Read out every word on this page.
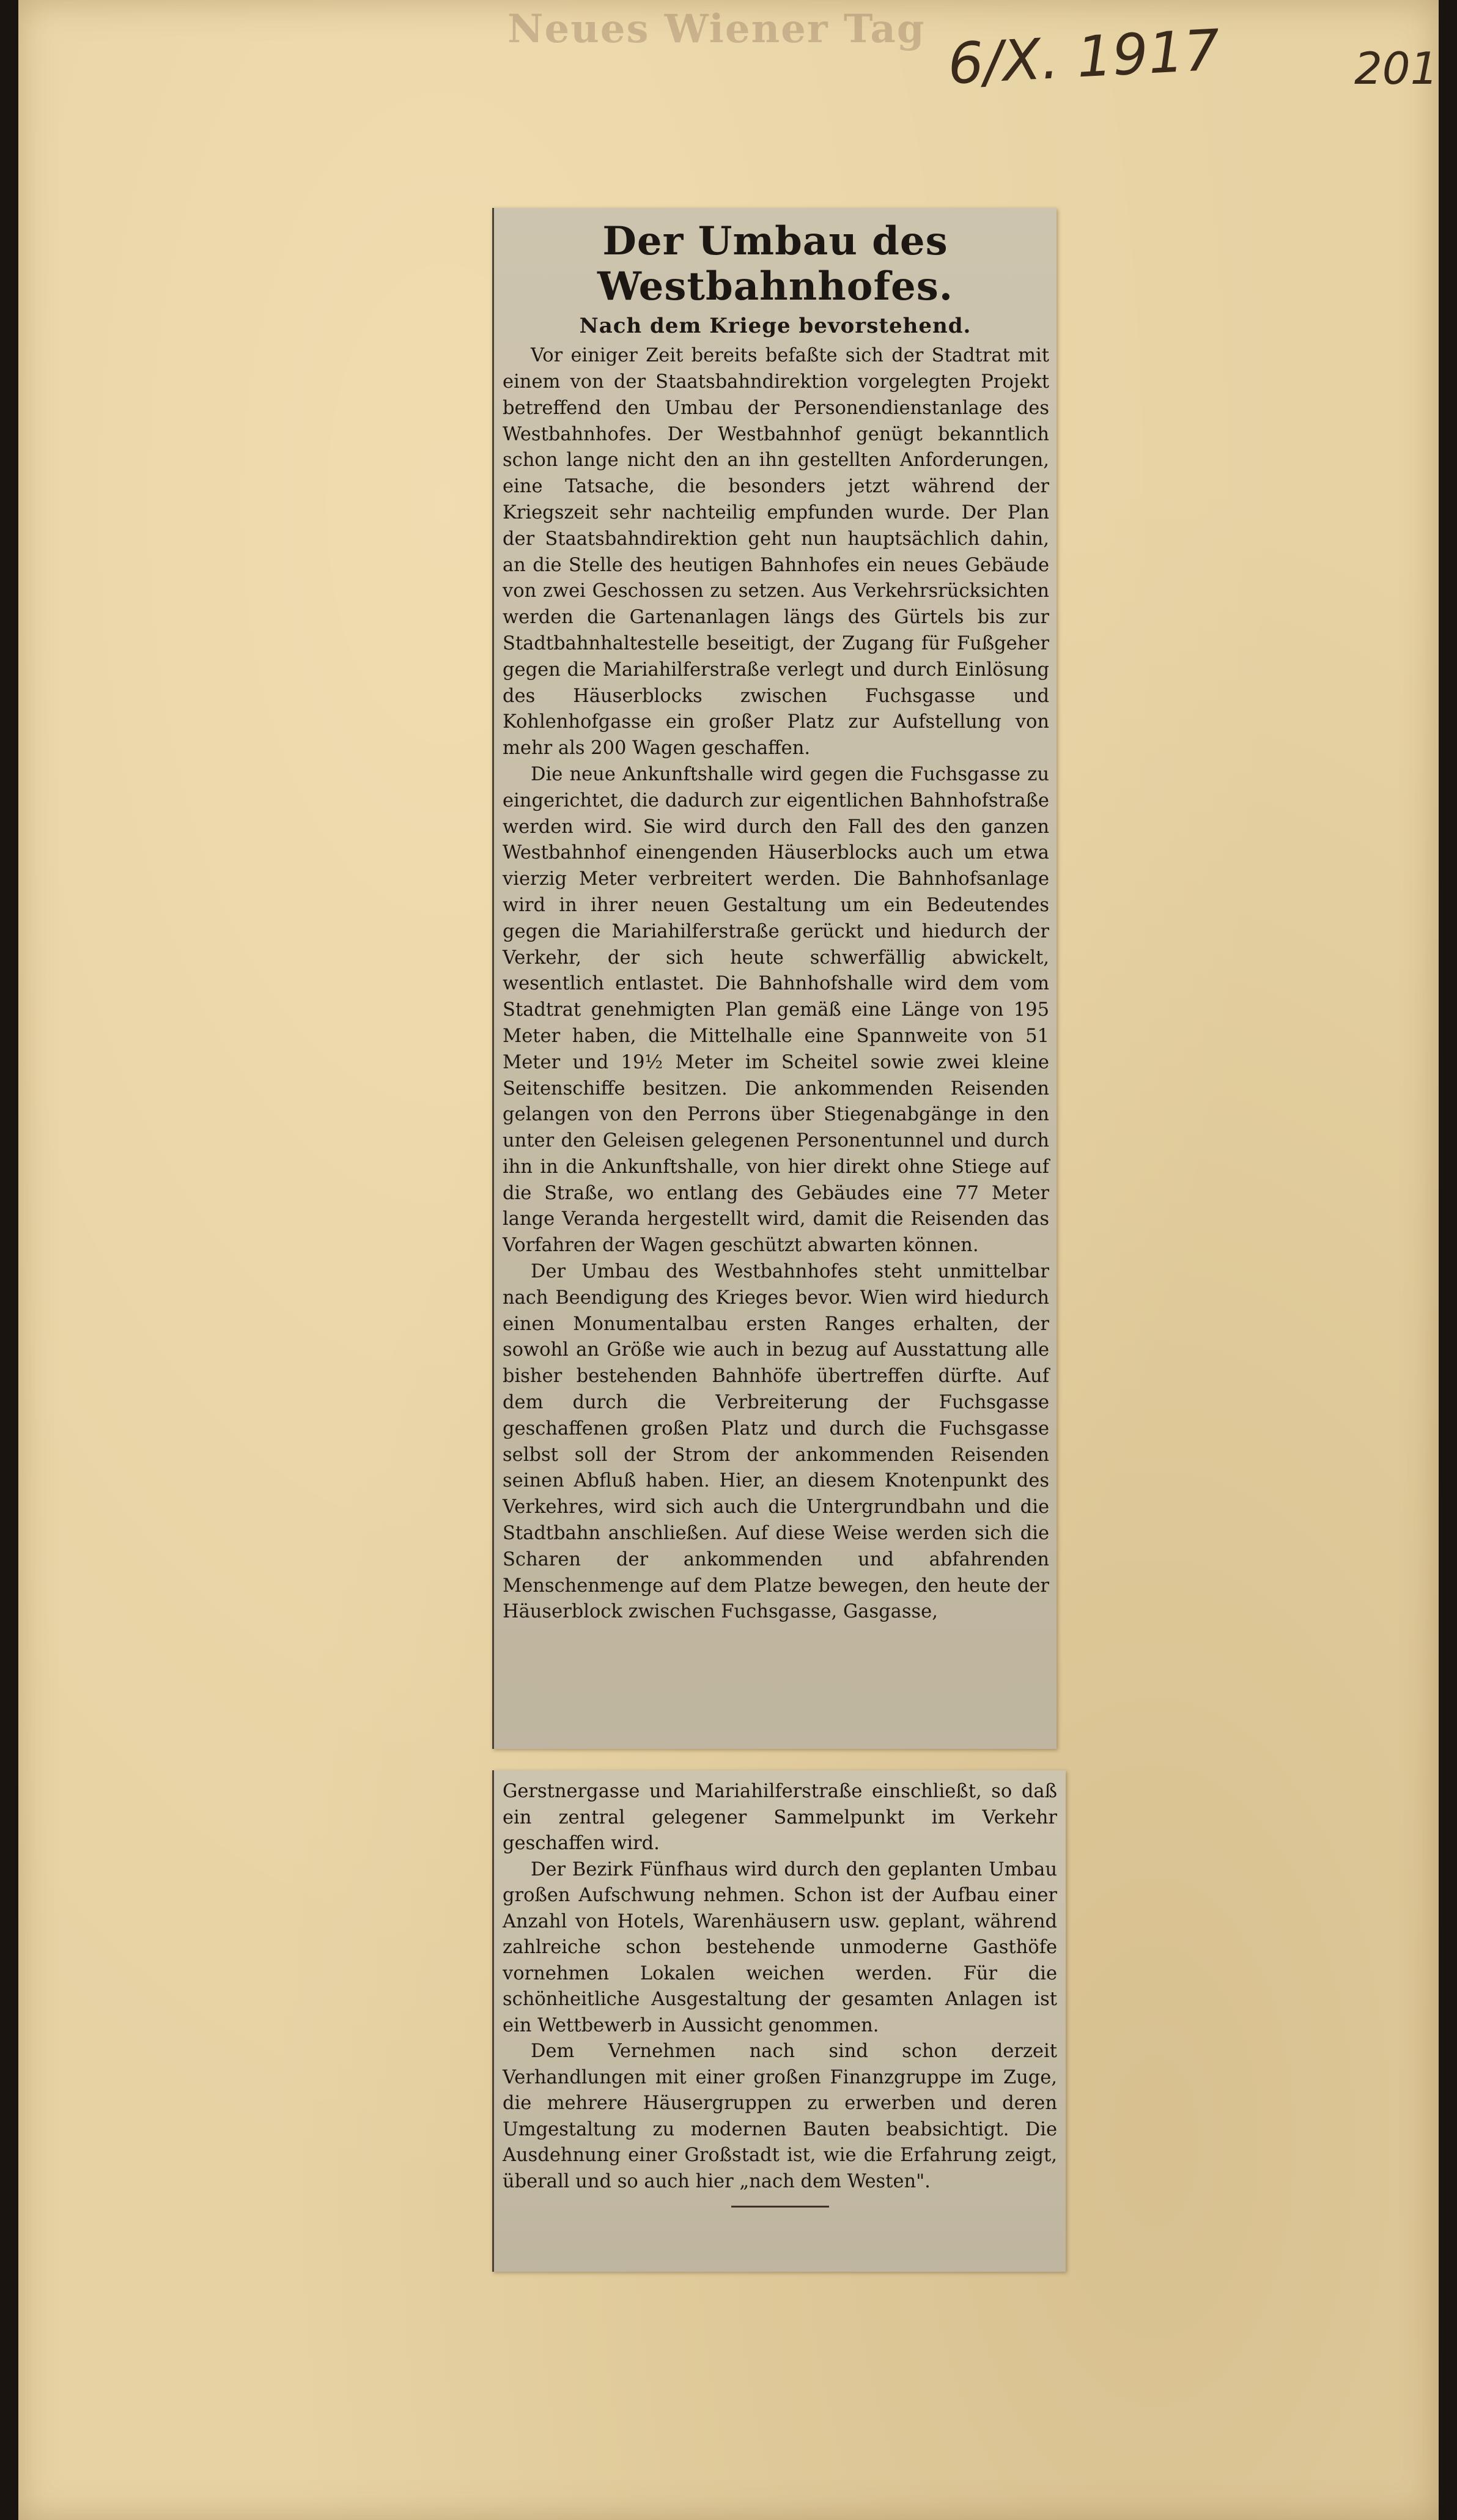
Neues Wiener Tag 6/X. 1917	201
Der Umbau des Westbahnhofes.
Nach dem Kriege bevorstehend.

Vor einiger Zeit bereits befaßte sich der Stadtrat mit einem von der Staatsbahndirektion vorgelegten Projekt betreffend den Umbau der Personendienstanlage des Westbahnhofes. Der Westbahnhof genügt bekanntlich schon lange nicht den an ihn gestellten Anforderungen, eine Tatsache, die besonders jetzt während der Kriegszeit sehr nachteilig empfunden wurde. Der Plan der Staatsbahndirektion geht nun hauptsächlich dahin, an die Stelle des heutigen Bahnhofes ein neues Gebäude von zwei Geschossen zu setzen. Aus Verkehrsrücksichten werden die Gartenanlagen längs des Gürtels bis zur Stadtbahnhaltestelle beseitigt, der Zugang für Fußgeher gegen die Mariahilferstraße verlegt und durch Einlösung des Häuserblocks zwischen Fuchsgasse und Kohlenhofgasse ein großer Platz zur Aufstellung von mehr als 200 Wagen geschaffen.

Die neue Ankunftshalle wird gegen die Fuchsgasse zu eingerichtet, die dadurch zur eigentlichen Bahnhofstraße werden wird. Sie wird durch den Fall des den ganzen Westbahnhof einengenden Häuserblocks auch um etwa vierzig Meter verbreitert werden. Die Bahnhofsanlage wird in ihrer neuen Gestaltung um ein Bedeutendes gegen die Mariahilferstraße gerückt und hiedurch der Verkehr, der sich heute schwerfällig abwickelt, wesentlich entlastet. Die Bahnhofshalle wird dem vom Stadtrat genehmigten Plan gemäß eine Länge von 195 Meter haben, die Mittelhalle eine Spannweite von 51 Meter und 19½ Meter im Scheitel sowie zwei kleine Seitenschiffe besitzen. Die ankommenden Reisenden gelangen von den Perrons über Stiegenabgänge in den unter den Geleisen gelegenen Personentunnel und durch ihn in die Ankunftshalle, von hier direkt ohne Stiege auf die Straße, wo entlang des Gebäudes eine 77 Meter lange Veranda hergestellt wird, damit die Reisenden das Vorfahren der Wagen geschützt abwarten können.

Der Umbau des Westbahnhofes steht unmittelbar nach Beendigung des Krieges bevor. Wien wird hiedurch einen Monumentalbau ersten Ranges erhalten, der sowohl an Größe wie auch in bezug auf Ausstattung alle bisher bestehenden Bahnhöfe übertreffen dürfte. Auf dem durch die Verbreiterung der Fuchsgasse geschaffenen großen Platz und durch die Fuchsgasse selbst soll der Strom der ankommenden Reisenden seinen Abfluß haben. Hier, an diesem Knotenpunkt des Verkehres, wird sich auch die Untergrundbahn und die Stadtbahn anschließen. Auf diese Weise werden sich die Scharen der ankommenden und abfahrenden Menschenmenge auf dem Platze bewegen, den heute der Häuserblock zwischen Fuchsgasse, Gasgasse,

Gerstnergasse und Mariahilferstraße einschließt, so daß ein zentral gelegener Sammelpunkt im Verkehr geschaffen wird.

Der Bezirk Fünfhaus wird durch den geplanten Umbau großen Aufschwung nehmen. Schon ist der Aufbau einer Anzahl von Hotels, Warenhäusern usw. geplant, während zahlreiche schon bestehende unmoderne Gasthöfe vornehmen Lokalen weichen werden. Für die schönheitliche Ausgestaltung der gesamten Anlagen ist ein Wettbewerb in Aussicht genommen.

Dem Vernehmen nach sind schon derzeit Verhandlungen mit einer großen Finanzgruppe im Zuge, die mehrere Häusergruppen zu erwerben und deren Umgestaltung zu modernen Bauten beabsichtigt. Die Ausdehnung einer Großstadt ist, wie die Erfahrung zeigt, überall und so auch hier „nach dem Westen".
